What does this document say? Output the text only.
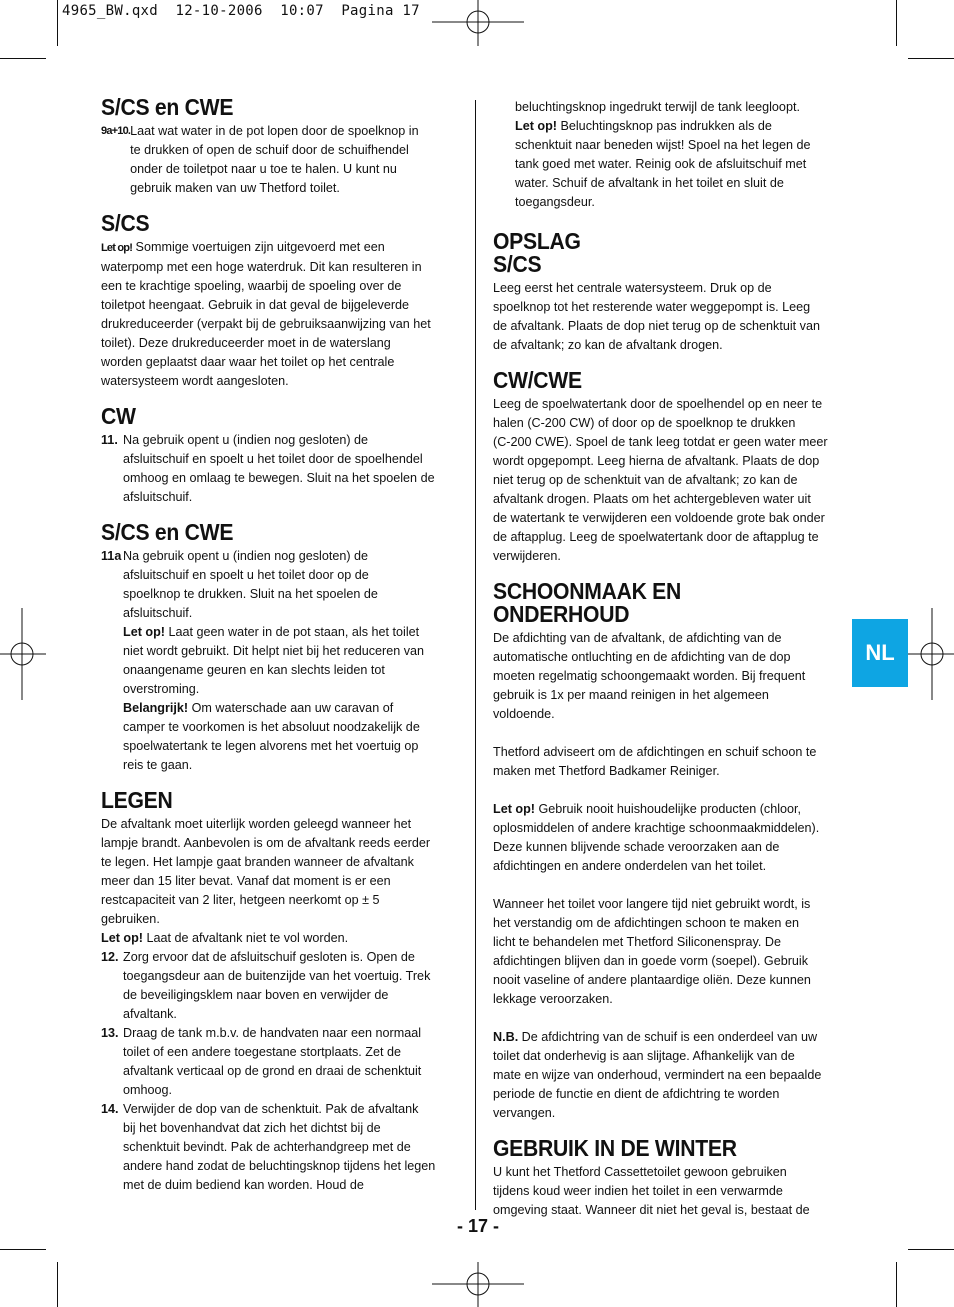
4965_BW.qxd  12-10-2006  10:07  Pagina 17
S/CS en CWE
9a+10. Laat wat water in de pot lopen door de spoelknop in

te drukken of open de schuif door de schuifhendel

onder de toiletpot naar u toe te halen. U kunt nu

gebruik maken van uw Thetford toilet.

S/CS

Let op! Sommige voertuigen zijn uitgevoerd met een

waterpomp met een hoge waterdruk. Dit kan resulteren in

een te krachtige spoeling, waarbij de spoeling over de

toiletpot heengaat. Gebruik in dat geval de bijgeleverde

drukreduceerder (verpakt bij de gebruiksaanwijzing van het

toilet). Deze drukreduceerder moet in de waterslang

worden geplaatst daar waar het toilet op het centrale

watersysteem wordt aangesloten.

CW
11. Na gebruik opent u (indien nog gesloten) de

afsluitschuif en spoelt u het toilet door de spoelhendel

omhoog en omlaag te bewegen. Sluit na het spoelen de

afsluitschuif.

S/CS en CWE
11a Na gebruik opent u (indien nog gesloten) de

afsluitschuif en spoelt u het toilet door op de

spoelknop te drukken. Sluit na het spoelen de

afsluitschuif.

Let op! Laat geen water in de pot staan, als het toilet

niet wordt gebruikt. Dit helpt niet bij het reduceren van

onaangename geuren en kan slechts leiden tot

overstroming.

Belangrijk! Om waterschade aan uw caravan of

camper te voorkomen is het absoluut noodzakelijk de

spoelwatertank te legen alvorens met het voertuig op

reis te gaan.

LEGEN

De afvaltank moet uiterlijk worden geleegd wanneer het

lampje brandt. Aanbevolen is om de afvaltank reeds eerder

te legen. Het lampje gaat branden wanneer de afvaltank

meer dan 15 liter bevat. Vanaf dat moment is er een

restcapaciteit van 2 liter, hetgeen neerkomt op ± 5

gebruiken.

Let op! Laat de afvaltank niet te vol worden.

12. Zorg ervoor dat de afsluitschuif gesloten is. Open de

toegangsdeur aan de buitenzijde van het voertuig. Trek

de beveiligingsklem naar boven en verwijder de

afvaltank.

13. Draag de tank m.b.v. de handvaten naar een normaal

toilet of een andere toegestane stortplaats. Zet de

afvaltank verticaal op de grond en draai de schenktuit

omhoog.

14. Verwijder de dop van de schenktuit. Pak de afvaltank

bij het bovenhandvat dat zich het dichtst bij de

schenktuit bevindt. Pak de achterhandgreep met de

andere hand zodat de beluchtingsknop tijdens het legen

met de duim bediend kan worden. Houd de

beluchtingsknop ingedrukt terwijl de tank leegloopt.

Let op! Beluchtingsknop pas indrukken als de

schenktuit naar beneden wijst! Spoel na het legen de

tank goed met water. Reinig ook de afsluitschuif met

water. Schuif de afvaltank in het toilet en sluit de

toegangsdeur.

OPSLAG
S/CS

Leeg eerst het centrale watersysteem. Druk op de

spoelknop tot het resterende water weggepompt is. Leeg

de afvaltank. Plaats de dop niet terug op de schenktuit van

de afvaltank; zo kan de afvaltank drogen.

CW/CWE

Leeg de spoelwatertank door de spoelhendel op en neer te

halen (C-200 CW) of door op de spoelknop te drukken

(C-200 CWE). Spoel de tank leeg totdat er geen water meer

wordt opgepompt. Leeg hierna de afvaltank. Plaats de dop

niet terug op de schenktuit van de afvaltank; zo kan de

afvaltank drogen. Plaats om het achtergebleven water uit

de watertank te verwijderen een voldoende grote bak onder

de aftapplug. Leeg de spoelwatertank door de aftapplug te

verwijderen.

SCHOONMAAK EN ONDERHOUD

De afdichting van de afvaltank, de afdichting van de

automatische ontluchting en de afdichting van de dop

moeten regelmatig schoongemaakt worden. Bij frequent

gebruik is 1x per maand reinigen in het algemeen

voldoende.

Thetford adviseert om de afdichtingen en schuif schoon te

maken met Thetford Badkamer Reiniger.

Let op! Gebruik nooit huishoudelijke producten (chloor,

oplosmiddelen of andere krachtige schoonmaakmiddelen).

Deze kunnen blijvende schade veroorzaken aan de

afdichtingen en andere onderdelen van het toilet.

Wanneer het toilet voor langere tijd niet gebruikt wordt, is

het verstandig om de afdichtingen schoon te maken en

licht te behandelen met Thetford Siliconenspray. De

afdichtingen blijven dan in goede vorm (soepel). Gebruik

nooit vaseline of andere plantaardige oliën. Deze kunnen

lekkage veroorzaken.

N.B. De afdichtring van de schuif is een onderdeel van uw

toilet dat onderhevig is aan slijtage. Afhankelijk van de

mate en wijze van onderhoud, vermindert na een bepaalde

periode de functie en dient de afdichtring te worden

vervangen.

GEBRUIK IN DE WINTER

U kunt het Thetford Cassettetoilet gewoon gebruiken

tijdens koud weer indien het toilet in een verwarmde

omgeving staat. Wanneer dit niet het geval is, bestaat de

NL
- 17 -
